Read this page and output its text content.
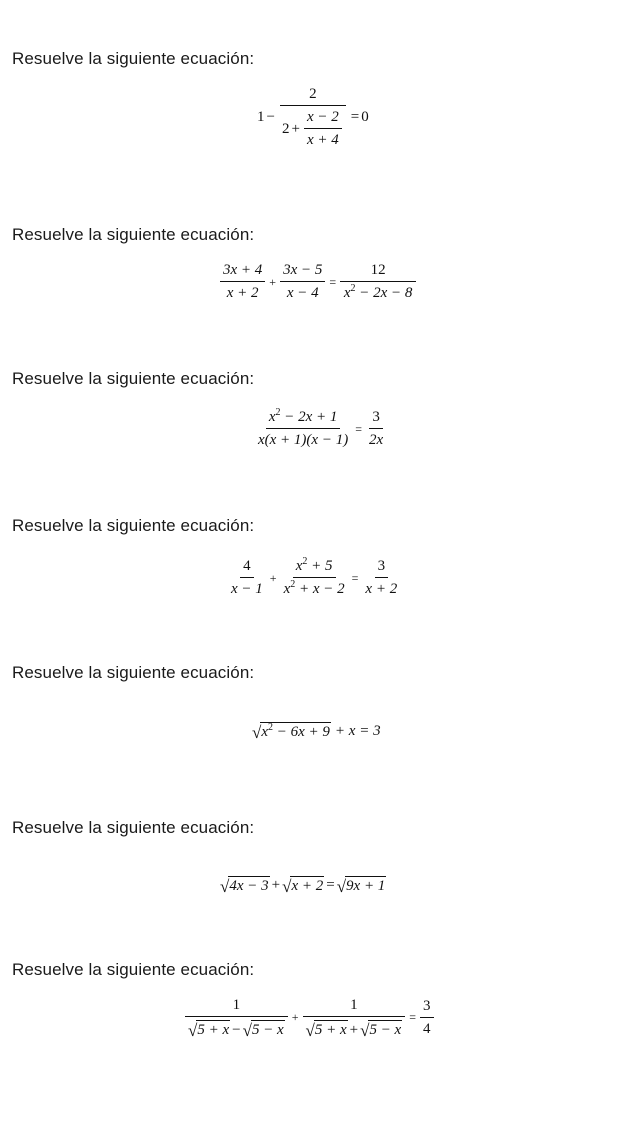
Resuelve la siguiente ecuación:
$1 - \frac{2}{2 + \frac{x - 2}{x + 4}} = 0$
Resuelve la siguiente ecuación:
$\frac{3x + 4}{x + 2} + \frac{3x - 5}{x - 4} = \frac{12}{x^2 - 2x - 8}$
Resuelve la siguiente ecuación:
$\frac{x^2 - 2x + 1}{x(x + 1)(x - 1)} = \frac{3}{2x}$
Resuelve la siguiente ecuación:
$\frac{4}{x - 1} + \frac{x^2 + 5}{x^2 + x - 2} = \frac{3}{x + 2}$
Resuelve la siguiente ecuación:
√ $x^2 - 6x + 9 + x = 3$
Resuelve la siguiente ecuación:
√ 4x − 3 + √ x + 2 = √ 9x + 1
Resuelve la siguiente ecuación:
1
√ 5 + x − √ 5 − x
+
1
√ 5 + x + √ 5 − x
= $\frac{3}{4}$
